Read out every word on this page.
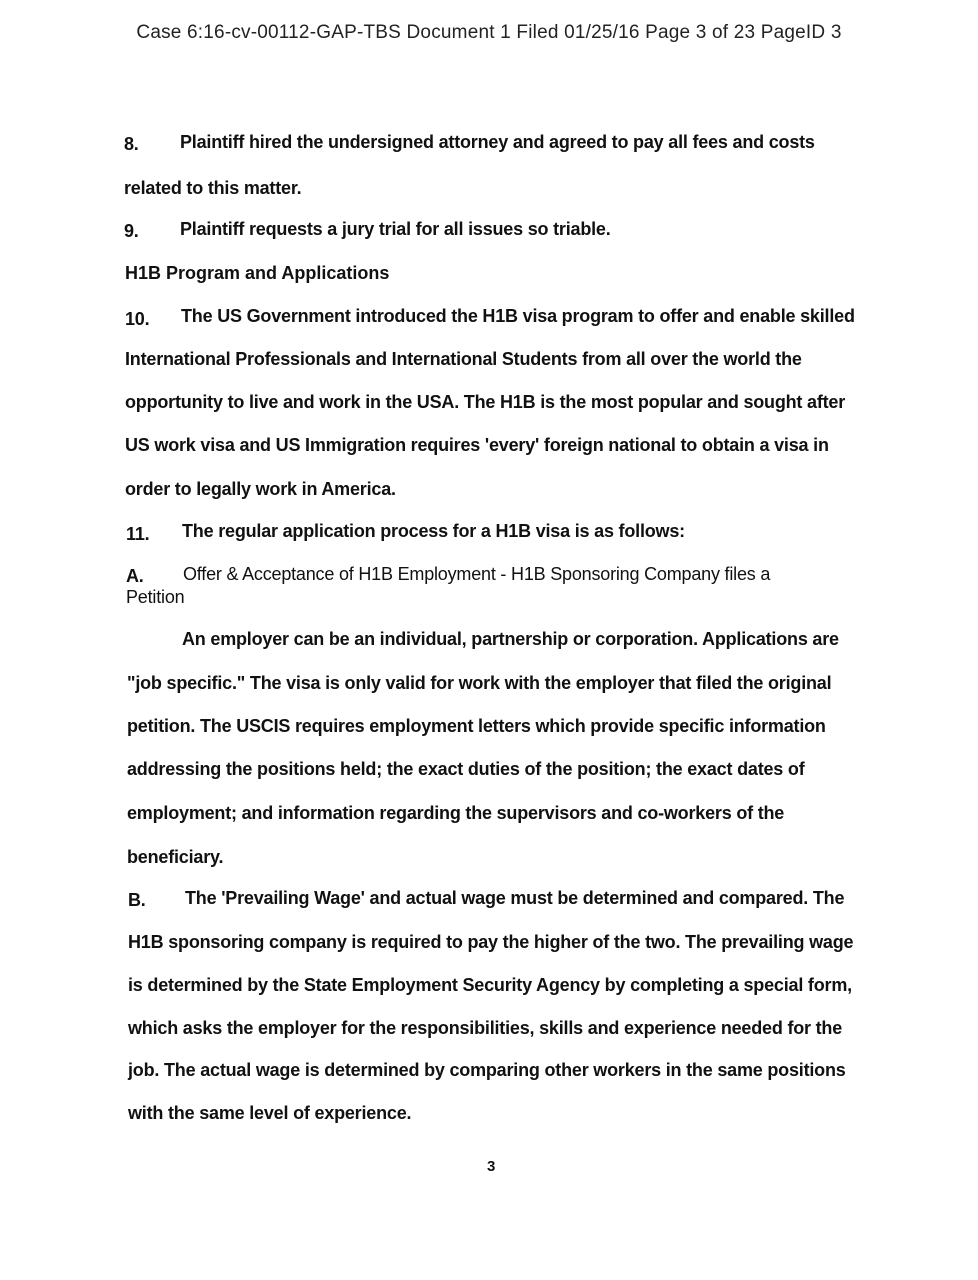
Case 6:16-cv-00112-GAP-TBS Document 1 Filed 01/25/16 Page 3 of 23 PageID 3
8. Plaintiff hired the undersigned attorney and agreed to pay all fees and costs
related to this matter.
9. Plaintiff requests a jury trial for all issues so triable.
H1B Program and Applications
10. The US Government introduced the H1B visa program to offer and enable skilled
International Professionals and International Students from all over the world the
opportunity to live and work in the USA. The H1B is the most popular and sought after
US work visa and US Immigration requires 'every' foreign national to obtain a visa in
order to legally work in America.
11. The regular application process for a H1B visa is as follows:
A. Offer & Acceptance of H1B Employment - H1B Sponsoring Company files a
Petition
An employer can be an individual, partnership or corporation. Applications are
"job specific." The visa is only valid for work with the employer that filed the original
petition. The USCIS requires employment letters which provide specific information
addressing the positions held; the exact duties of the position; the exact dates of
employment; and information regarding the supervisors and co-workers of the
beneficiary.
B. The 'Prevailing Wage' and actual wage must be determined and compared. The
H1B sponsoring company is required to pay the higher of the two. The prevailing wage
is determined by the State Employment Security Agency by completing a special form,
which asks the employer for the responsibilities, skills and experience needed for the
job. The actual wage is determined by comparing other workers in the same positions
with the same level of experience.
3
